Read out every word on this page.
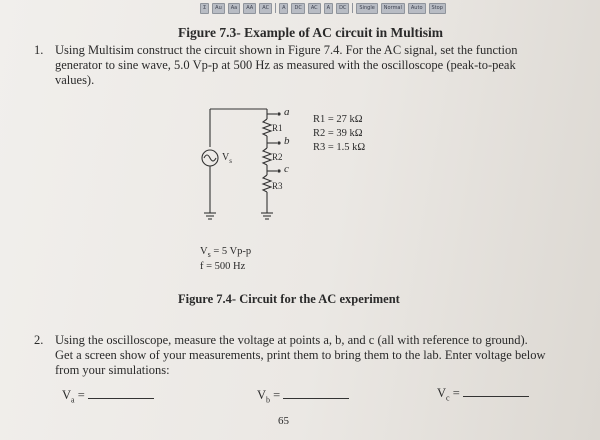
Σ	Au	Aa	AA	AC	A	DC	AC	A	DC	Single	Normal	Auto	Stop
Figure 7.3- Example of AC circuit in Multisim
1. Using Multisim construct the circuit shown in Figure 7.4. For the AC signal, set the function
generator to sine wave, 5.0 Vp-p at 500 Hz as measured with the oscilloscope (peak-to-peak
values).
a
b
c
R1
R2
R3
$V_s$
R1 = 27 kΩ
R2 = 39 kΩ
R3 = 1.5 kΩ
$V_s = 5$ Vp-p
f = 500 Hz
Figure 7.4- Circuit for the AC experiment
2. Using the oscilloscope, measure the voltage at points a, b, and c (all with reference to ground).
Get a screen show of your measurements, print them to bring them to the lab. Enter voltage below
from your simulations:
$V_a$ =	$V_b$ =	$V_c$ =
65
